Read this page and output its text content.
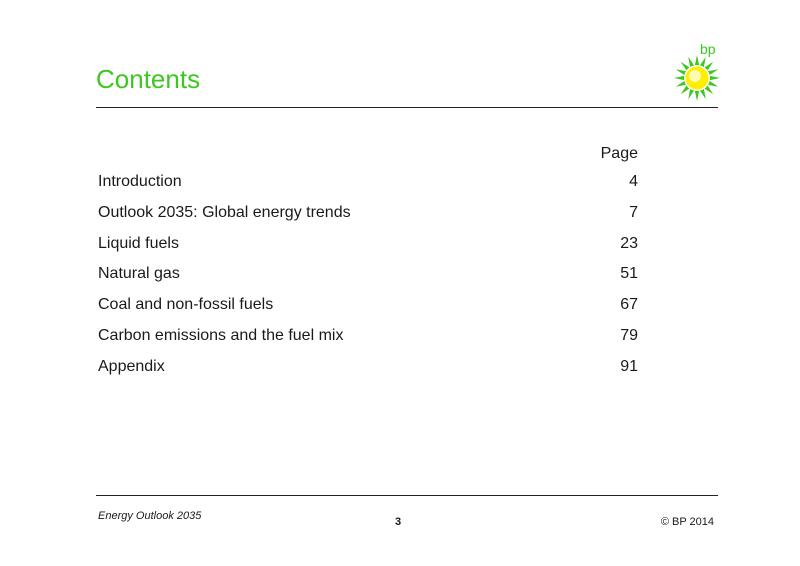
Contents
bp
Page
Introduction	4
Outlook 2035: Global energy trends	7
Liquid fuels	23
Natural gas	51
Coal and non-fossil fuels	67
Carbon emissions and the fuel mix	79
Appendix	91
Energy Outlook 2035	3	© BP 2014
